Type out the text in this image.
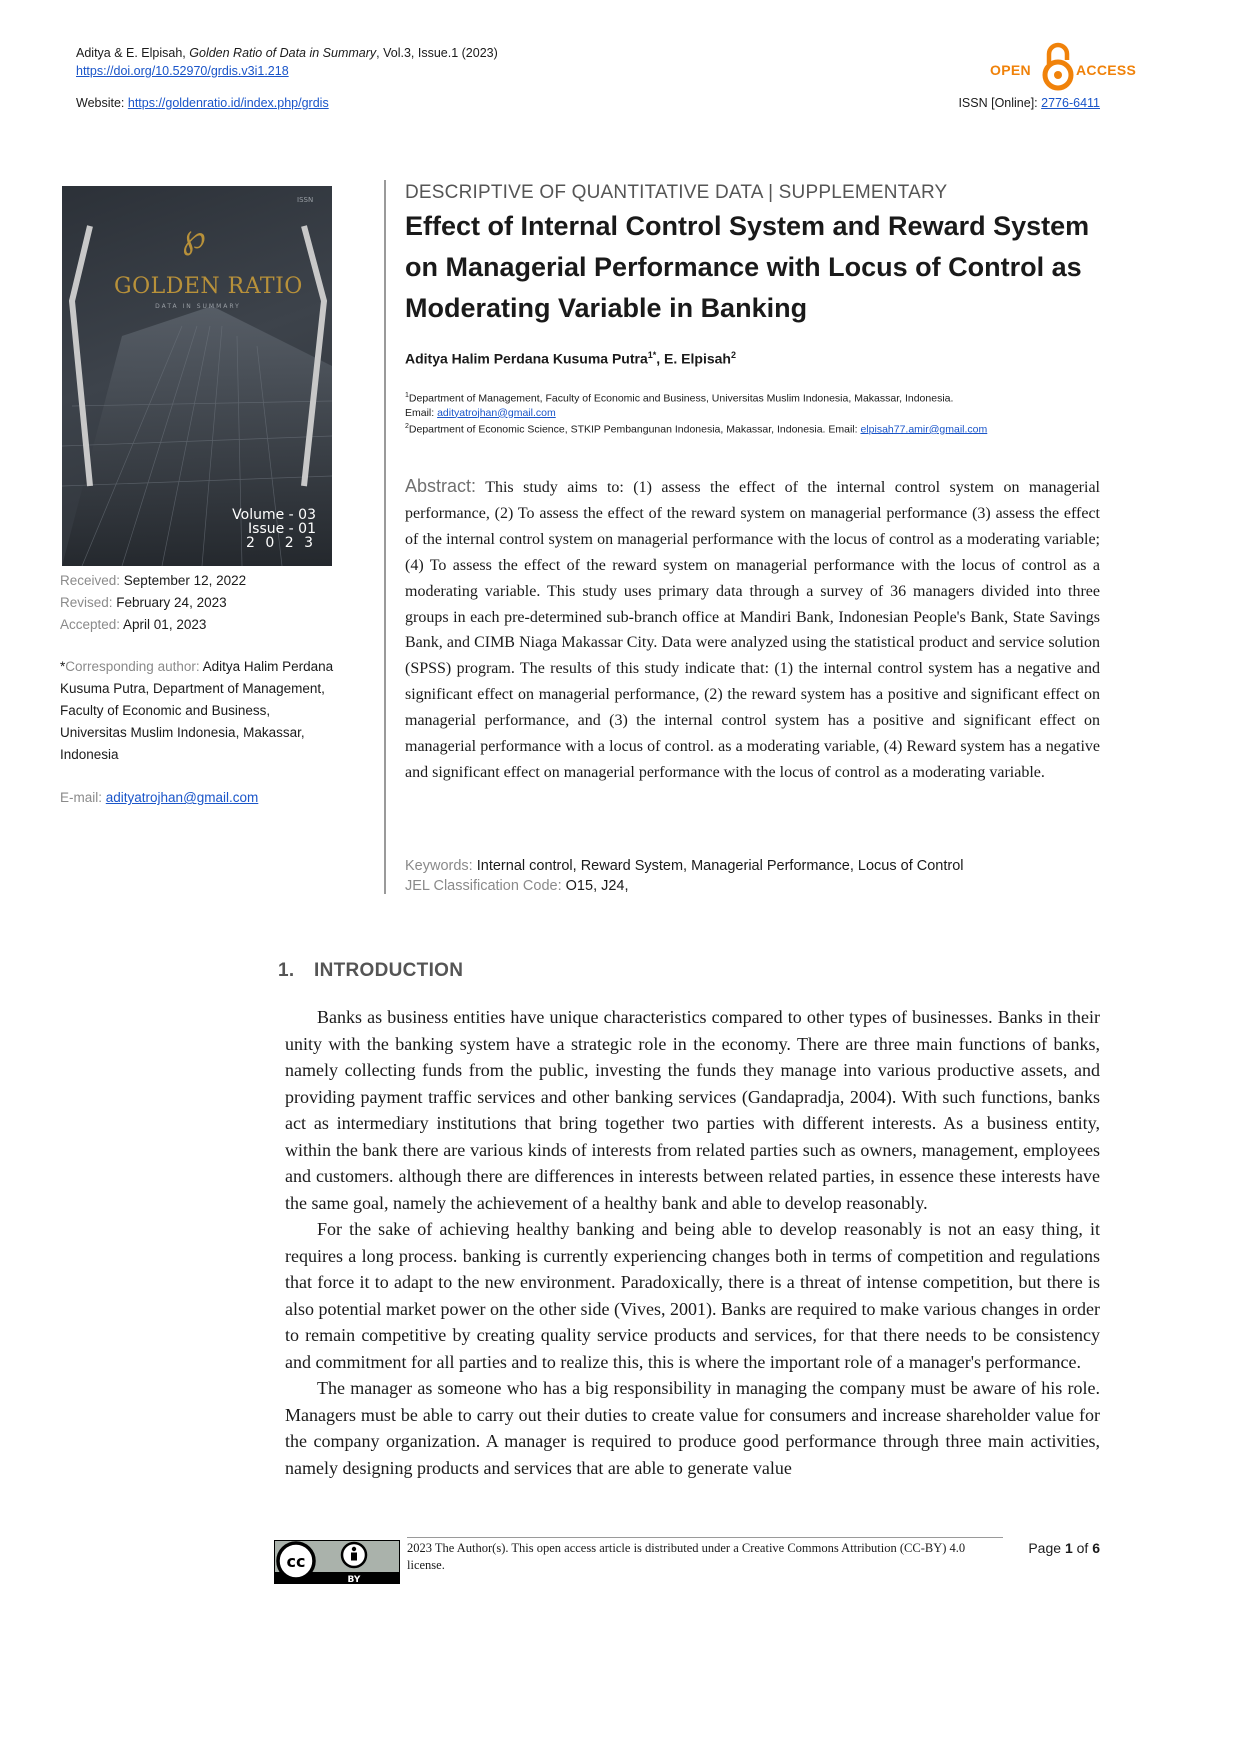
Aditya & E. Elpisah, Golden Ratio of Data in Summary, Vol.3, Issue.1 (2023)
https://doi.org/10.52970/grdis.v3i1.218
Website: https://goldenratio.id/index.php/grdis	ISSN [Online]: 2776-6411
OPEN	ACCESS
℘
ISSN
DATA IN SUMMARY
GOLDEN RATIO
Volume - 03
Issue - 01
2 0 2 3
Received: September 12, 2022
Revised: February 24, 2023
Accepted: April 01, 2023
*Corresponding author: Aditya Halim Perdana Kusuma Putra, Department of Management, Faculty of Economic and Business, Universitas Muslim Indonesia, Makassar, Indonesia
E-mail: adityatrojhan@gmail.com
DESCRIPTIVE OF QUANTITATIVE DATA | SUPPLEMENTARY
Effect of Internal Control System and Reward System on Managerial Performance with Locus of Control as Moderating Variable in Banking
Aditya Halim Perdana Kusuma Putra$^{1*}$, E. Elpisah$^2$
$^1$Department of Management, Faculty of Economic and Business, Universitas Muslim Indonesia, Makassar, Indonesia.
Email: adityatrojhan@gmail.com
$^2$Department of Economic Science, STKIP Pembangunan Indonesia, Makassar, Indonesia. Email: elpisah77.amir@gmail.com
Abstract: This study aims to: (1) assess the effect of the internal control system on managerial performance, (2) To assess the effect of the reward system on managerial performance (3) assess the effect of the internal control system on managerial performance with the locus of control as a moderating variable; (4) To assess the effect of the reward system on managerial performance with the locus of control as a moderating variable. This study uses primary data through a survey of 36 managers divided into three groups in each pre-determined sub-branch office at Mandiri Bank, Indonesian People's Bank, State Savings Bank, and CIMB Niaga Makassar City. Data were analyzed using the statistical product and service solution (SPSS) program. The results of this study indicate that: (1) the internal control system has a negative and significant effect on managerial performance, (2) the reward system has a positive and significant effect on managerial performance, and (3) the internal control system has a positive and significant effect on managerial performance with a locus of control. as a moderating variable, (4) Reward system has a negative and significant effect on managerial performance with the locus of control as a moderating variable.
Keywords: Internal control, Reward System, Managerial Performance, Locus of Control
JEL Classification Code: O15, J24,
1. INTRODUCTION

Banks as business entities have unique characteristics compared to other types of businesses. Banks in their unity with the banking system have a strategic role in the economy. There are three main functions of banks, namely collecting funds from the public, investing the funds they manage into various productive assets, and providing payment traffic services and other banking services (Gandapradja, 2004). With such functions, banks act as intermediary institutions that bring together two parties with different interests. As a business entity, within the bank there are various kinds of interests from related parties such as owners, management, employees and customers. although there are differences in interests between related parties, in essence these interests have the same goal, namely the achievement of a healthy bank and able to develop reasonably.

For the sake of achieving healthy banking and being able to develop reasonably is not an easy thing, it requires a long process. banking is currently experiencing changes both in terms of competition and regulations that force it to adapt to the new environment. Paradoxically, there is a threat of intense competition, but there is also potential market power on the other side (Vives, 2001). Banks are required to make various changes in order to remain competitive by creating quality service products and services, for that there needs to be consistency and commitment for all parties and to realize this, this is where the important role of a manager's performance.

The manager as someone who has a big responsibility in managing the company must be aware of his role. Managers must be able to carry out their duties to create value for consumers and increase shareholder value for the company organization. A manager is required to produce good performance through three main activities, namely designing products and services that are able to generate value

cc
BY
2023 The Author(s). This open access article is distributed under a Creative Commons Attribution (CC-BY) 4.0 license.
Page 1 of 6
